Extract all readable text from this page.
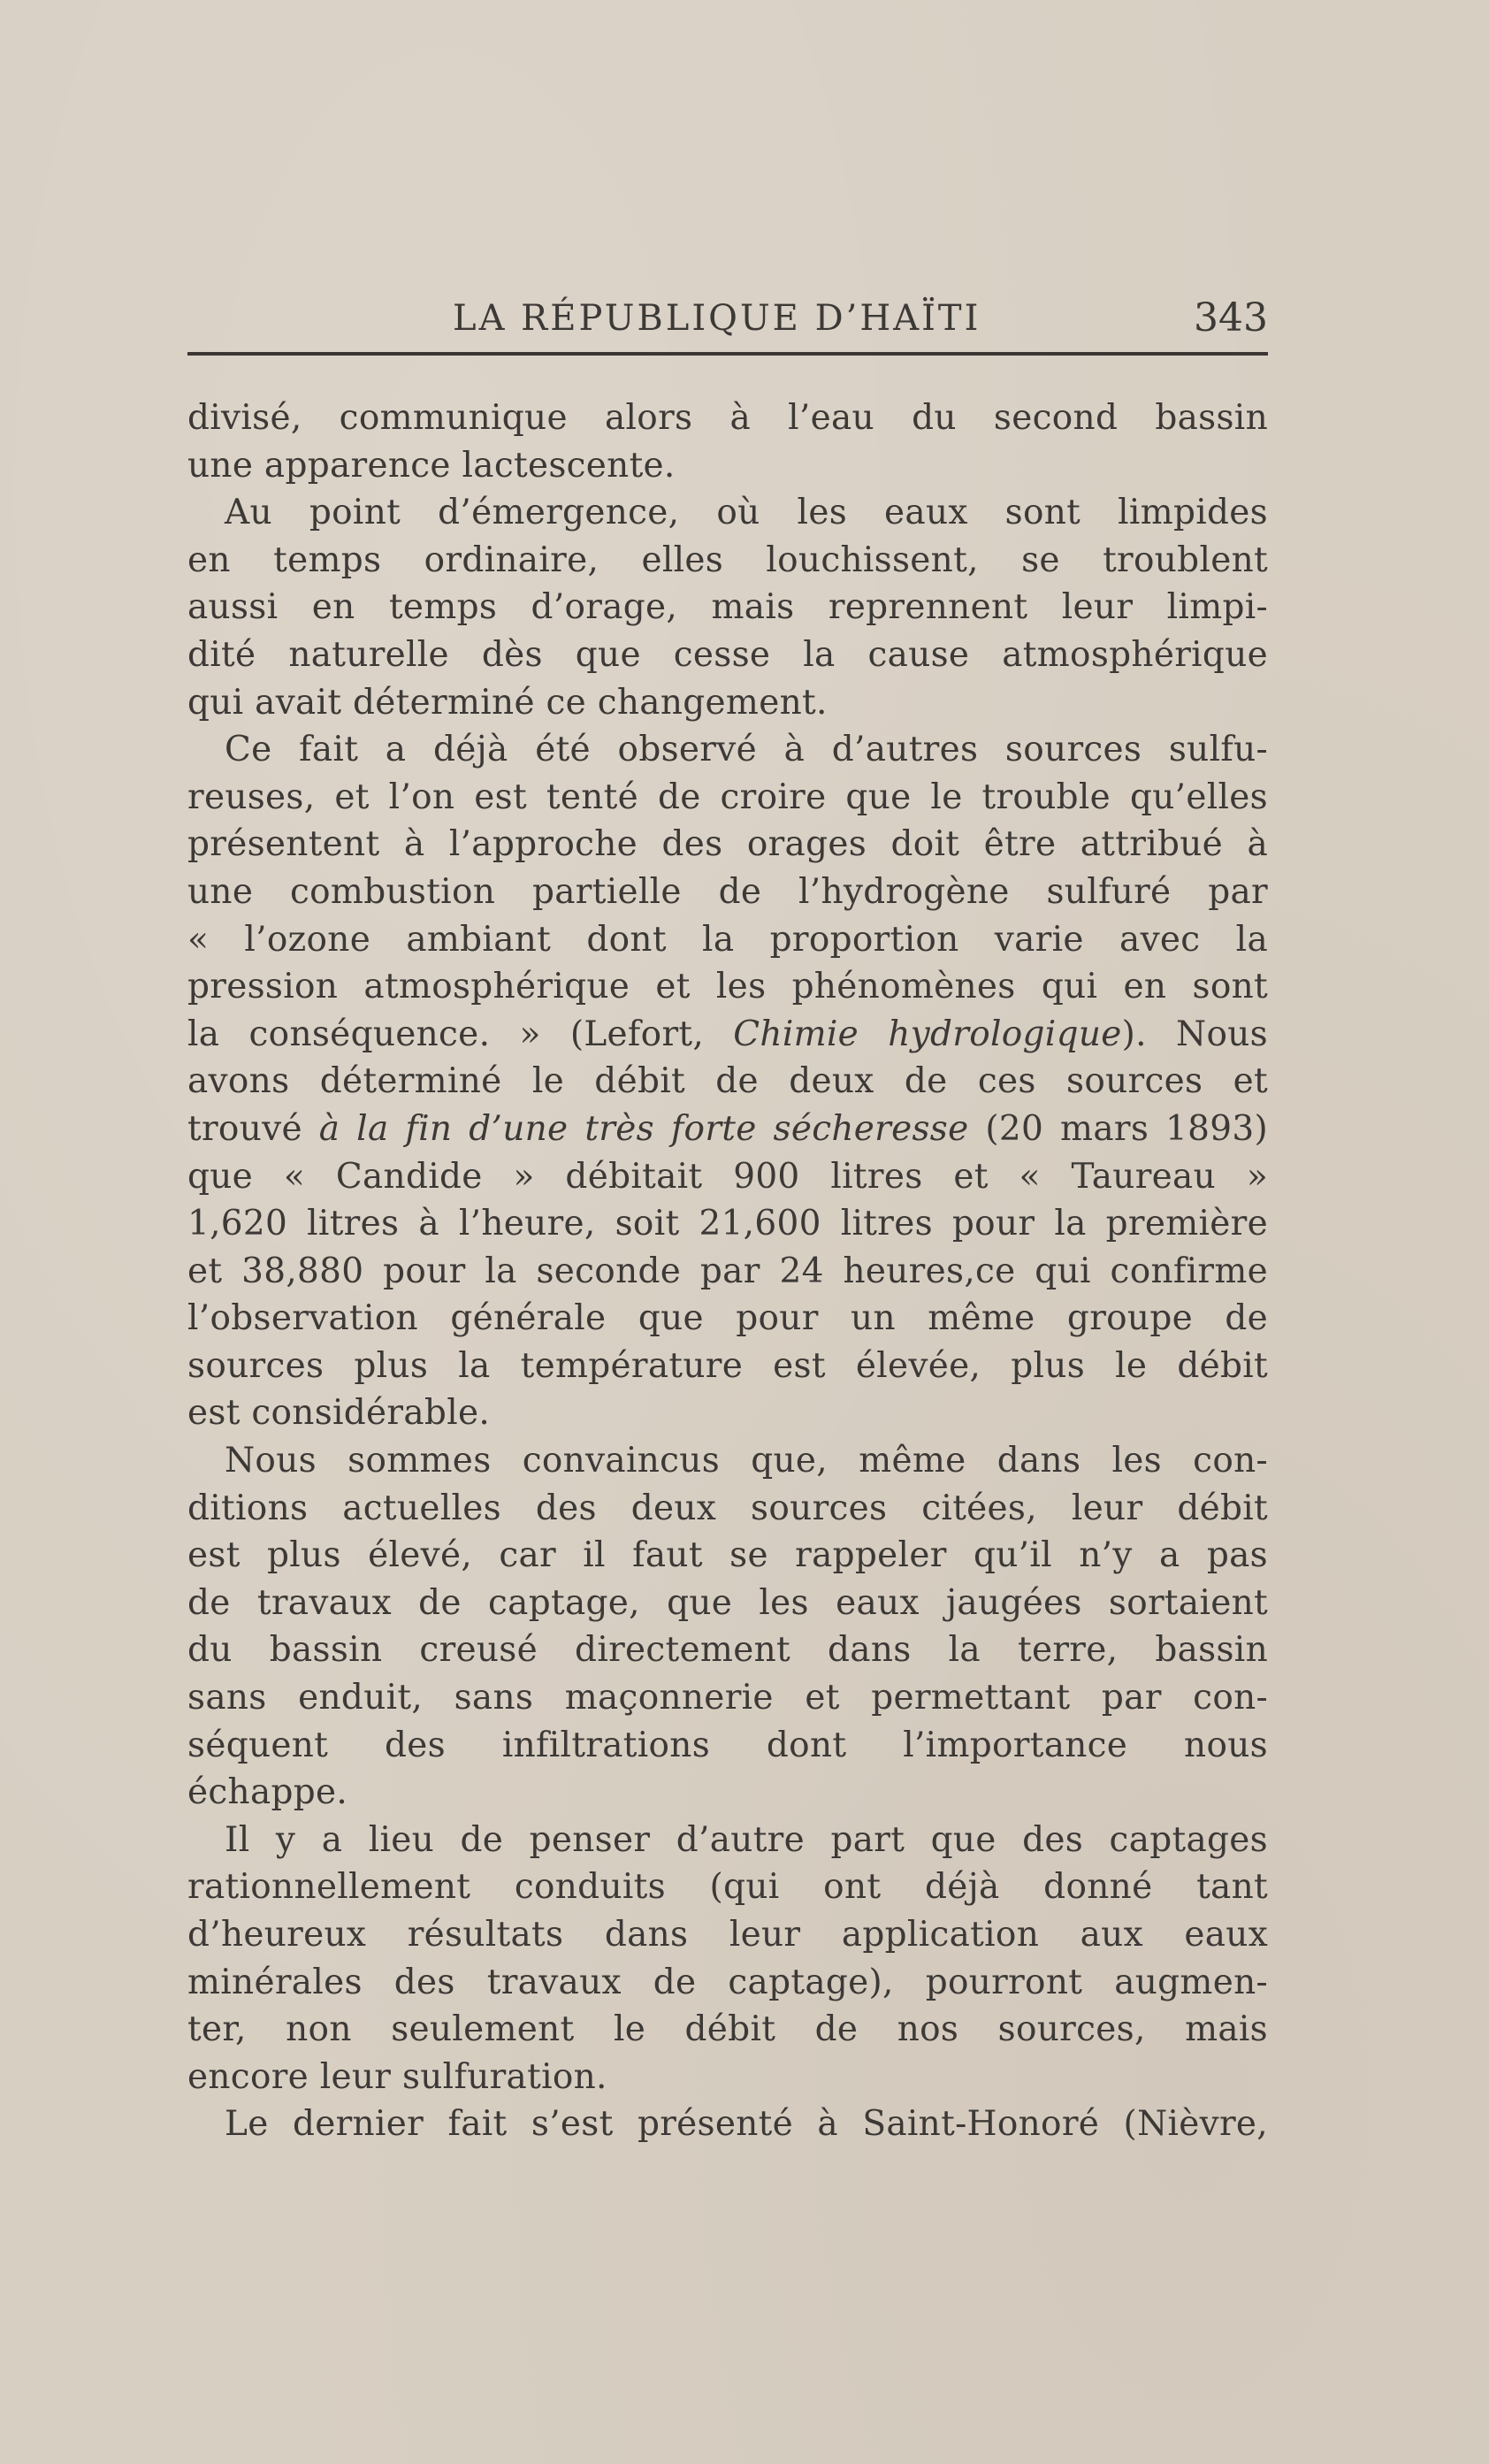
LA RÉPUBLIQUE D’HAÏTI	343
divisé, communique alors à l’eau du second bassin
une apparence lactescente.
Au point d’émergence, où les eaux sont limpides
en temps ordinaire, elles louchissent, se troublent
aussi en temps d’orage, mais reprennent leur limpi-
dité naturelle dès que cesse la cause atmosphérique
qui avait déterminé ce changement.
Ce fait a déjà été observé à d’autres sources sulfu-
reuses, et l’on est tenté de croire que le trouble qu’elles
présentent à l’approche des orages doit être attribué à
une combustion partielle de l’hydrogène sulfuré par
« l’ozone ambiant dont la proportion varie avec la
pression atmosphérique et les phénomènes qui en sont
la conséquence. » (Lefort, Chimie hydrologique). Nous
avons déterminé le débit de deux de ces sources et
trouvé à la fin d’une très forte sécheresse (20 mars 1893)
que « Candide » débitait 900 litres et « Taureau »
1,620 litres à l’heure, soit 21,600 litres pour la première
et 38,880 pour la seconde par 24 heures,ce qui confirme
l’observation générale que pour un même groupe de
sources plus la température est élevée, plus le débit
est considérable.
Nous sommes convaincus que, même dans les con-
ditions actuelles des deux sources citées, leur débit
est plus élevé, car il faut se rappeler qu’il n’y a pas
de travaux de captage, que les eaux jaugées sortaient
du bassin creusé directement dans la terre, bassin
sans enduit, sans maçonnerie et permettant par con-
séquent des infiltrations dont l’importance nous
échappe.
Il y a lieu de penser d’autre part que des captages
rationnellement conduits (qui ont déjà donné tant
d’heureux résultats dans leur application aux eaux
minérales des travaux de captage), pourront augmen-
ter, non seulement le débit de nos sources, mais
encore leur sulfuration.
Le dernier fait s’est présenté à Saint-Honoré (Nièvre,
